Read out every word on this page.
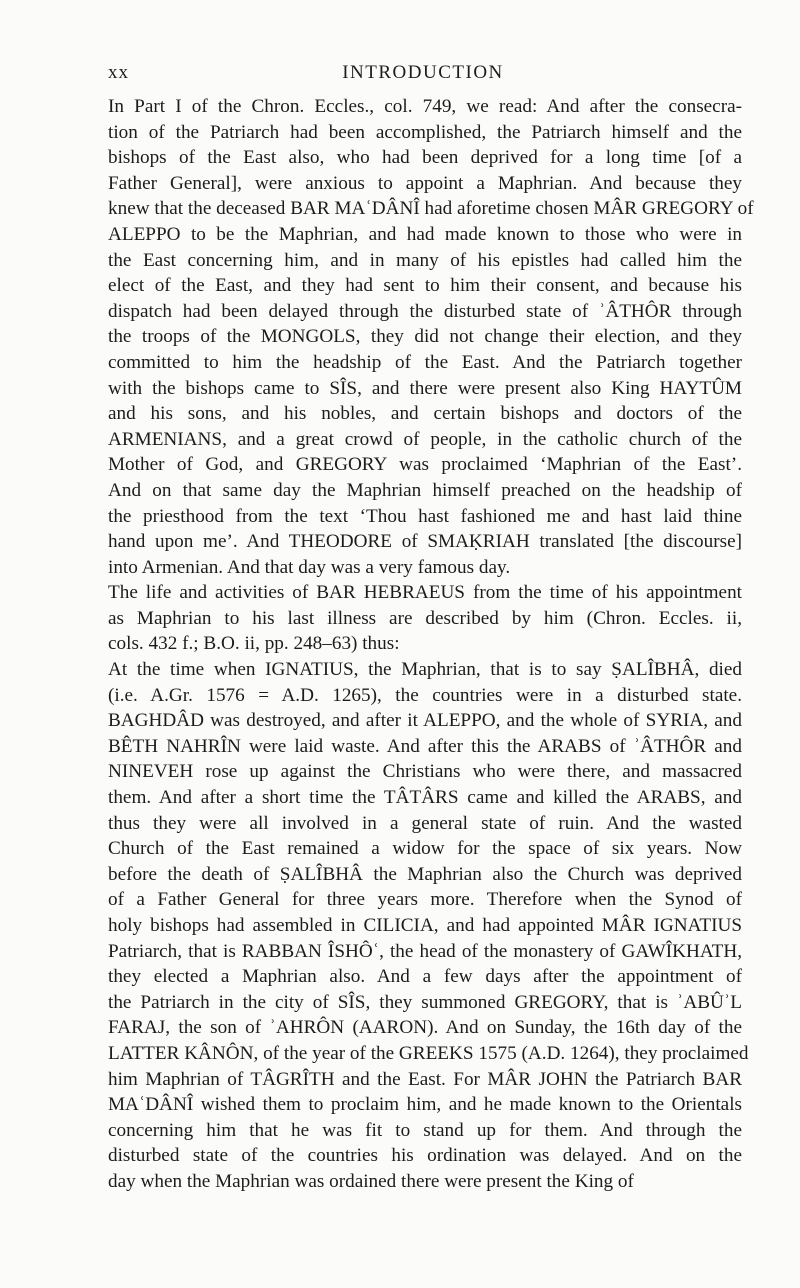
xx	INTRODUCTION
In Part I of the Chron. Eccles., col. 749, we read: And after the consecra-
tion of the Patriarch had been accomplished, the Patriarch himself and the
bishops of the East also, who had been deprived for a long time [of a
Father General], were anxious to appoint a Maphrian. And because they
knew that the deceased BAR MAʿDÂNÎ had aforetime chosen MÂR GREGORY of
ALEPPO to be the Maphrian, and had made known to those who were in
the East concerning him, and in many of his epistles had called him the
elect of the East, and they had sent to him their consent, and because his
dispatch had been delayed through the disturbed state of ʾÂTHÔR through
the troops of the MONGOLS, they did not change their election, and they
committed to him the headship of the East. And the Patriarch together
with the bishops came to SÎS, and there were present also King HAYTÛM
and his sons, and his nobles, and certain bishops and doctors of the
ARMENIANS, and a great crowd of people, in the catholic church of the
Mother of God, and GREGORY was proclaimed ‘Maphrian of the East’.
And on that same day the Maphrian himself preached on the headship of
the priesthood from the text ‘Thou hast fashioned me and hast laid thine
hand upon me’. And THEODORE of SMAḲRIAH translated [the discourse]
into Armenian. And that day was a very famous day.
The life and activities of BAR HEBRAEUS from the time of his appointment
as Maphrian to his last illness are described by him (Chron. Eccles. ii,
cols. 432 f.; B.O. ii, pp. 248–63) thus:
At the time when IGNATIUS, the Maphrian, that is to say ṢALÎBHÂ, died
(i.e. A.Gr. 1576 = A.D. 1265), the countries were in a disturbed state.
BAGHDÂD was destroyed, and after it ALEPPO, and the whole of SYRIA, and
BÊTH NAHRÎN were laid waste. And after this the ARABS of ʾÂTHÔR and
NINEVEH rose up against the Christians who were there, and massacred
them. And after a short time the TÂTÂRS came and killed the ARABS, and
thus they were all involved in a general state of ruin. And the wasted
Church of the East remained a widow for the space of six years. Now
before the death of ṢALÎBHÂ the Maphrian also the Church was deprived
of a Father General for three years more. Therefore when the Synod of
holy bishops had assembled in CILICIA, and had appointed MÂR IGNATIUS
Patriarch, that is RABBAN ÎSHÔʿ, the head of the monastery of GAWÎKHATH,
they elected a Maphrian also. And a few days after the appointment of
the Patriarch in the city of SÎS, they summoned GREGORY, that is ʾABÛʾL
FARAJ, the son of ʾAHRÔN (AARON). And on Sunday, the 16th day of the
LATTER KÂNÔN, of the year of the GREEKS 1575 (A.D. 1264), they proclaimed
him Maphrian of TÂGRÎTH and the East. For MÂR JOHN the Patriarch BAR
MAʿDÂNÎ wished them to proclaim him, and he made known to the Orientals
concerning him that he was fit to stand up for them. And through the
disturbed state of the countries his ordination was delayed. And on the
day when the Maphrian was ordained there were present the King of
